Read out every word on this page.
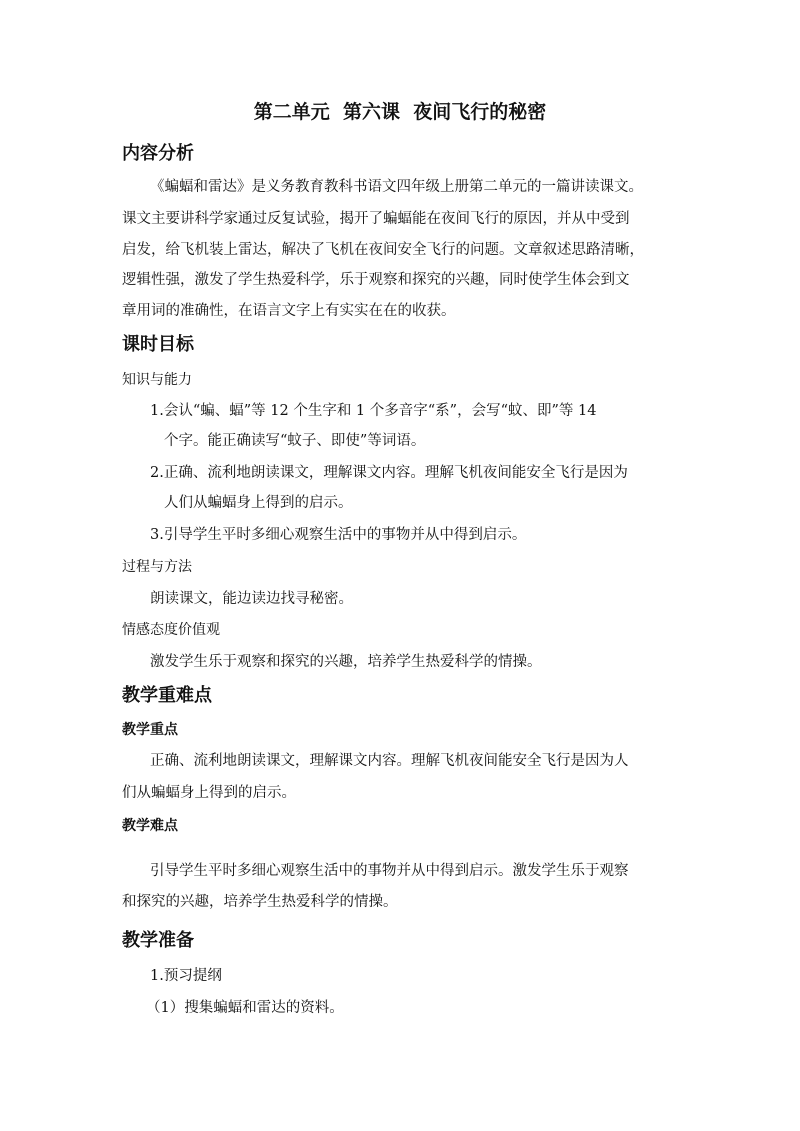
第二单元  第六课  夜间飞行的秘密
内容分析
《蝙蝠和雷达》是义务教育教科书语文四年级上册第二单元的一篇讲读课文。
课文主要讲科学家通过反复试验，揭开了蝙蝠能在夜间飞行的原因，并从中受到
启发，给飞机装上雷达，解决了飞机在夜间安全飞行的问题。文章叙述思路清晰，
逻辑性强，激发了学生热爱科学，乐于观察和探究的兴趣，同时使学生体会到文
章用词的准确性，在语言文字上有实实在在的收获。
课时目标
知识与能力
1.会认“蝙、蝠”等 12 个生字和 1 个多音字“系”，会写“蚊、即”等 14
个字。能正确读写“蚊子、即使”等词语。
2.正确、流利地朗读课文，理解课文内容。理解飞机夜间能安全飞行是因为
人们从蝙蝠身上得到的启示。
3.引导学生平时多细心观察生活中的事物并从中得到启示。
过程与方法
朗读课文，能边读边找寻秘密。
情感态度价值观
激发学生乐于观察和探究的兴趣，培养学生热爱科学的情操。
教学重难点
教学重点
正确、流利地朗读课文，理解课文内容。理解飞机夜间能安全飞行是因为人
们从蝙蝠身上得到的启示。
教学难点
引导学生平时多细心观察生活中的事物并从中得到启示。激发学生乐于观察
和探究的兴趣，培养学生热爱科学的情操。
教学准备
1.预习提纲
（1）搜集蝙蝠和雷达的资料。
